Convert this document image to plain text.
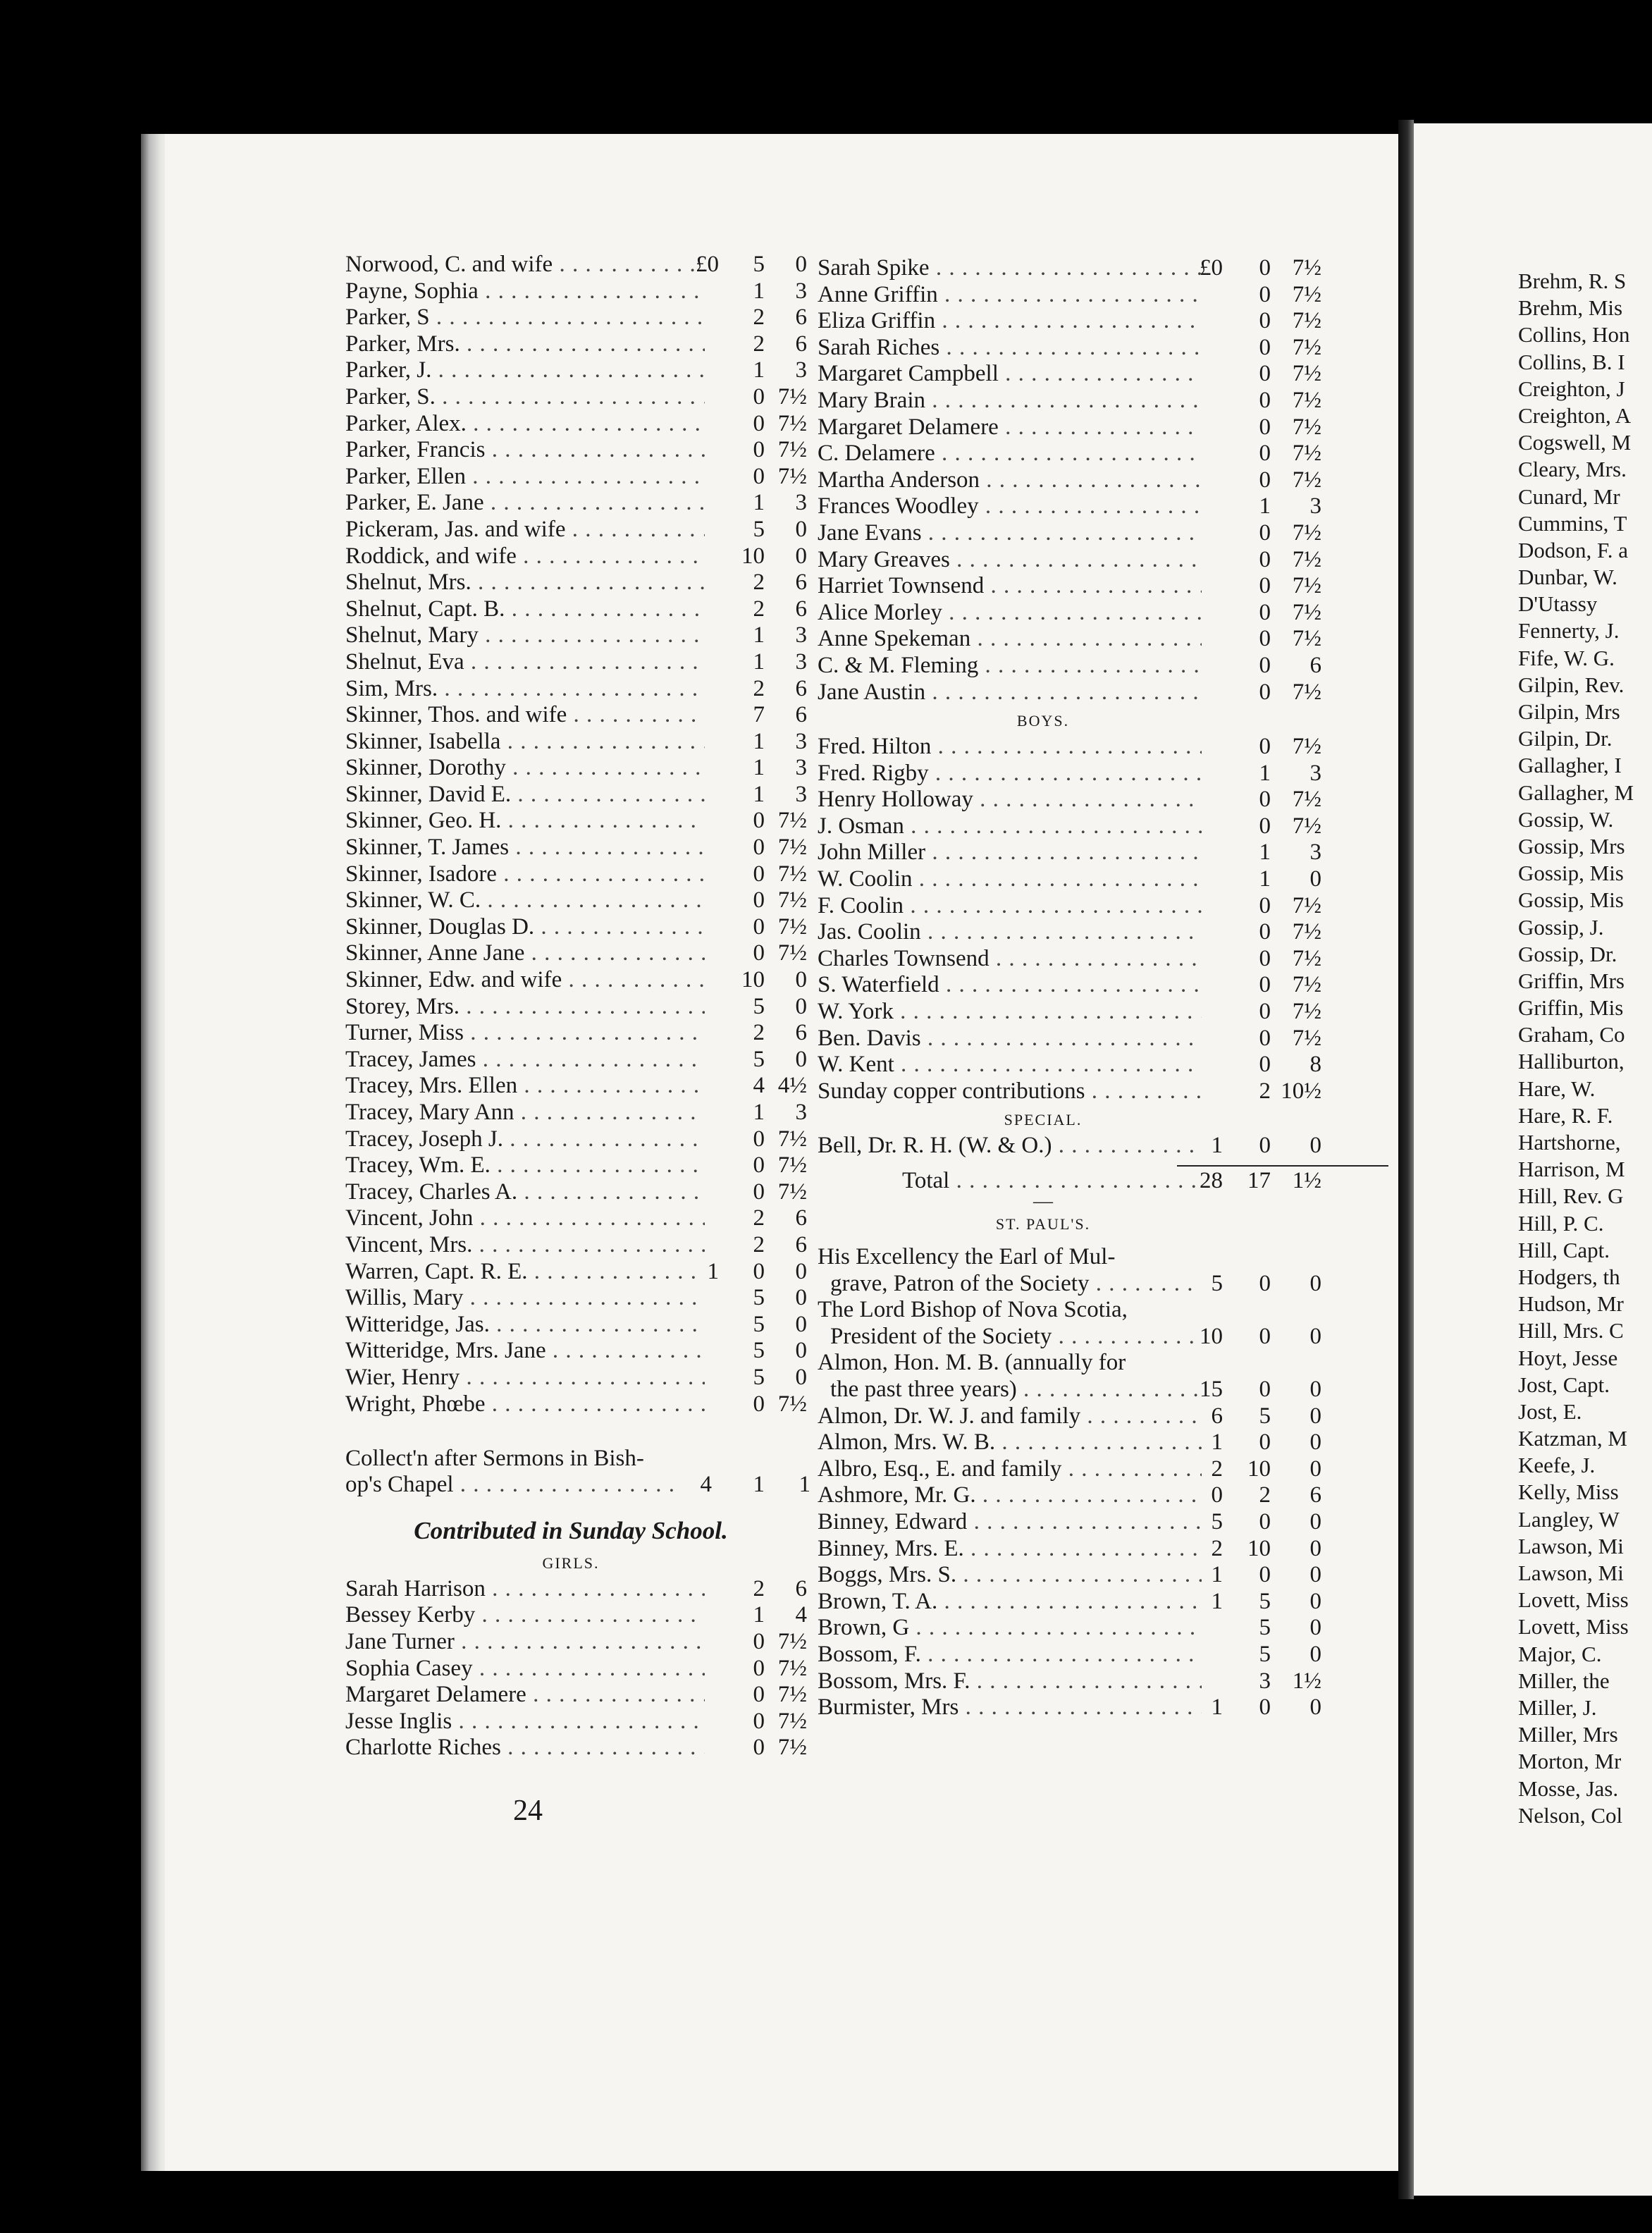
Norwood, C. and wife . . .	£0	5	0
Payne, Sophia . . .	1	3
Parker, S . . .	2	6
Parker, Mrs. . . .	2	6
Parker, J. . . .	1	3
Parker, S. . . .	0 7½
Parker, Alex. . . .	0 7½
Parker, Francis . . .	0 7½
Parker, Ellen . . .	0 7½
Parker, E. Jane . . .	1	3
Pickeram, Jas. and wife . . .	5	0
Roddick, and wife . . .	10	0
Shelnut, Mrs. . . .	2	6
Shelnut, Capt. B. . . .	2	6
Shelnut, Mary . . .	1	3
Shelnut, Eva . . .	1	3
Sim, Mrs. . . .	2	6
Skinner, Thos. and wife . . .	7	6
Skinner, Isabella . . .	1	3
Skinner, Dorothy . . .	1	3
Skinner, David E. . . .	1	3
Skinner, Geo. H. . . .	0 7½
Skinner, T. James . . .	0 7½
Skinner, Isadore . . .	0 7½
Skinner, W. C. . . .	0 7½
Skinner, Douglas D. . . .	0 7½
Skinner, Anne Jane . . .	0 7½
Skinner, Edw. and wife . . .	10	0
Storey, Mrs. . . .	5	0
Turner, Miss . . .	2	6
Tracey, James . . .	5	0
Tracey, Mrs. Ellen . . .	4 4½
Tracey, Mary Ann . . .	1	3
Tracey, Joseph J. . . .	0 7½
Tracey, Wm. E. . . .	0 7½
Tracey, Charles A. . . .	0 7½
Vincent, John . . .	2	6
Vincent, Mrs. . . .	2	6
Warren, Capt. R. E. . . .	1	0	0
Willis, Mary . . .	5	0
Witteridge, Jas. . . .	5	0
Witteridge, Mrs. Jane . . .	5	0
Wier, Henry . . .	5	0
Wright, Phœbe . . .	0 7½
Collect'n after Sermons in Bish-
op's Chapel . . .	4	1	1
Contributed in Sunday School.
GIRLS.
Sarah Harrison . . .	2	6
Bessey Kerby . . .	1	4
Jane Turner . . .	0 7½
Sophia Casey . . .	0 7½
Margaret Delamere . . .	0 7½
Jesse Inglis . . .	0 7½
Charlotte Riches . . .	0 7½
Sarah Spike . . .	£0	0 7½
Anne Griffin . . .	0 7½
Eliza Griffin . . .	0 7½
Sarah Riches . . .	0 7½
Margaret Campbell . . .	0 7½
Mary Brain . . .	0 7½
Margaret Delamere . . .	0 7½
C. Delamere . . .	0 7½
Martha Anderson . . .	0 7½
Frances Woodley . . .	1	3
Jane Evans . . .	0 7½
Mary Greaves . . .	0 7½
Harriet Townsend . . .	0 7½
Alice Morley . . .	0 7½
Anne Spekeman . . .	0 7½
C. & M. Fleming . . .	0	6
Jane Austin . . .	0 7½
BOYS.
Fred. Hilton . . .	0 7½
Fred. Rigby . . .	1	3
Henry Holloway . . .	0 7½
J. Osman . . .	0 7½
John Miller . . .	1	3
W. Coolin . . .	1	0
F. Coolin . . .	0 7½
Jas. Coolin . . .	0 7½
Charles Townsend . . .	0 7½
S. Waterfield . . .	0 7½
W. York . . .	0 7½
Ben. Davis . . .	0 7½
W. Kent . . .	0	8
Sunday copper contributions . . .	2 10½
SPECIAL.
Bell, Dr. R. H. (W. & O.) . . .	1	0	0
Total . . .	28	17 1½
—
ST. PAUL'S.
His Excellency the Earl of Mul-
grave, Patron of the Society . . .	5	0	0
The Lord Bishop of Nova Scotia,
President of the Society . . .	10	0	0
Almon, Hon. M. B. (annually for
the past three years) . . .	15	0	0
Almon, Dr. W. J. and family . . .	6	5	0
Almon, Mrs. W. B. . . .	1	0	0
Albro, Esq., E. and family . . .	2	10	0
Ashmore, Mr. G. . . .	0	2	6
Binney, Edward . . .	5	0	0
Binney, Mrs. E. . . .	2	10	0
Boggs, Mrs. S. . . .	1	0	0
Brown, T. A. . . .	1	5	0
Brown, G . . .	5	0
Bossom, F. . . .	5	0
Bossom, Mrs. F. . . .	3 1½
Burmister, Mrs . . .	1	0	0
Brehm, R. S
Brehm, Mis
Collins, Hon
Collins, B. I
Creighton, J
Creighton, A
Cogswell, M
Cleary, Mrs.
Cunard, Mr
Cummins, T
Dodson, F. a
Dunbar, W.
D'Utassy
Fennerty, J.
Fife, W. G.
Gilpin, Rev.
Gilpin, Mrs
Gilpin, Dr.
Gallagher, I
Gallagher, M
Gossip, W.
Gossip, Mrs
Gossip, Mis
Gossip, Mis
Gossip, J.
Gossip, Dr.
Griffin, Mrs
Griffin, Mis
Graham, Co
Halliburton,
Hare, W.
Hare, R. F.
Hartshorne,
Harrison, M
Hill, Rev. G
Hill, P. C.
Hill, Capt.
Hodgers, th
Hudson, Mr
Hill, Mrs. C
Hoyt, Jesse
Jost, Capt.
Jost, E.
Katzman, M
Keefe, J.
Kelly, Miss
Langley, W
Lawson, Mi
Lawson, Mi
Lovett, Miss
Lovett, Miss
Major, C.
Miller, the
Miller, J.
Miller, Mrs
Morton, Mr
Mosse, Jas.
Nelson, Col
24
